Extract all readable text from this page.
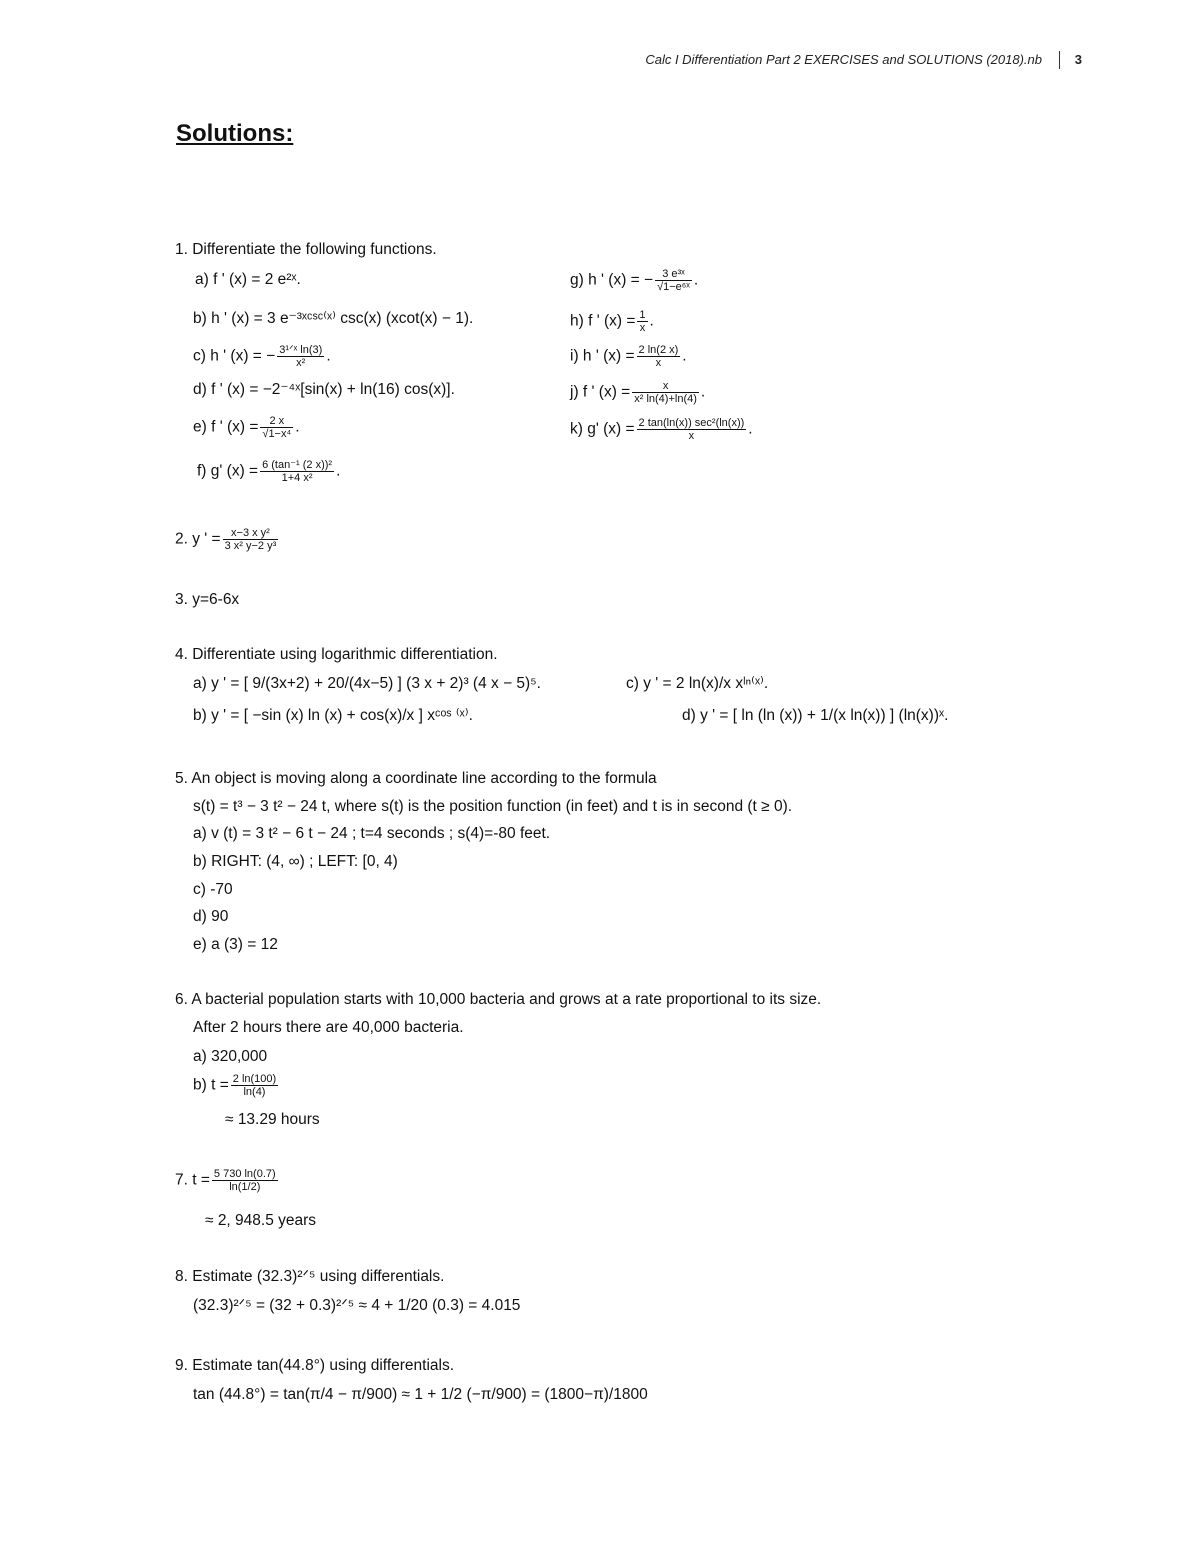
Calc I Differentiation Part 2 EXERCISES and SOLUTIONS (2018).nb	3
Solutions:
1. Differentiate the following functions.
a) f ' (x) = 2 e²ˣ.
b) h ' (x) = 3 e⁻³ˣᶜˢᶜ⁽ˣ⁾ csc(x) (xcot(x) − 1).
c) h ' (x) = − 3¹ᐟˣ ln(3)
x²	.
d) f ' (x) = −2⁻⁴ˣ[sin(x) + ln(16) cos(x)].
e) f ' $(x) = \frac{2 x}{\text{√1−x⁴}}$ .
f) g' $(x) = \frac{\text{6 (tan⁻¹ (2 x))²}}{\text{1+4 x²}}$ .
g) h ' (x) = − $\frac{\text{3 e³ˣ}}{\text{√1−e⁶ˣ}}$ .
h) f ' $(x) = \frac{1}{x}$ .
i) h ' $(x) = \frac{2 \ln(2 x)}{x}$ .
j) f ' $(x) = \frac{x}{\text{x² ln(4)+ln(4)}}$ .
k) g' (x) = 2 tan(ln(x)) sec²(ln(x))
x	.
2. y ' = $\frac{\text{x−3 x y²}}{\text{3 x² y−2 y³}}$
3. y=6-6x
4. Differentiate using logarithmic differentiation.
a) y ' = [ 9/(3x+2) + 20/(4x−5) ] (3 x + 2)³ (4 x − 5)⁵.
b) y ' = [ −sin (x) ln (x) + cos(x)/x ] xᶜᵒˢ ⁽ˣ⁾.
c) y ' = 2 ln(x)/x xˡⁿ⁽ˣ⁾.
d) y ' = [ ln (ln (x)) + 1/(x ln(x)) ] (ln(x))ˣ.
5. An object is moving along a coordinate line according to the formula
s(t) = t³ − 3 t² − 24 t, where s(t) is the position function (in feet) and t is in second (t ≥ 0).
a) v (t) = 3 t² − 6 t − 24 ; t=4 seconds ; s(4)=-80 feet.
b) RIGHT: (4, ∞) ; LEFT: [0, 4)
c) -70
d) 90
e) a (3) = 12
6. A bacterial population starts with 10,000 bacteria and grows at a rate proportional to its size.
After 2 hours there are 40,000 bacteria.
a) 320,000
b) $t = \frac{2 \ln(100)}{\ln(4)}$
≈ 13.29 hours
7. $t = \frac{5 730 \ln(0.7)}{\ln(1/2)}$
≈ 2, 948.5 years
8. Estimate (32.3)²ᐟ⁵ using differentials.
(32.3)²ᐟ⁵ = (32 + 0.3)²ᐟ⁵ ≈ 4 + 1/20 (0.3) = 4.015
9. Estimate tan(44.8°) using differentials.
tan (44.8°) = tan(π/4 − π/900) ≈ 1 + 1/2 (−π/900) = (1800−π)/1800
